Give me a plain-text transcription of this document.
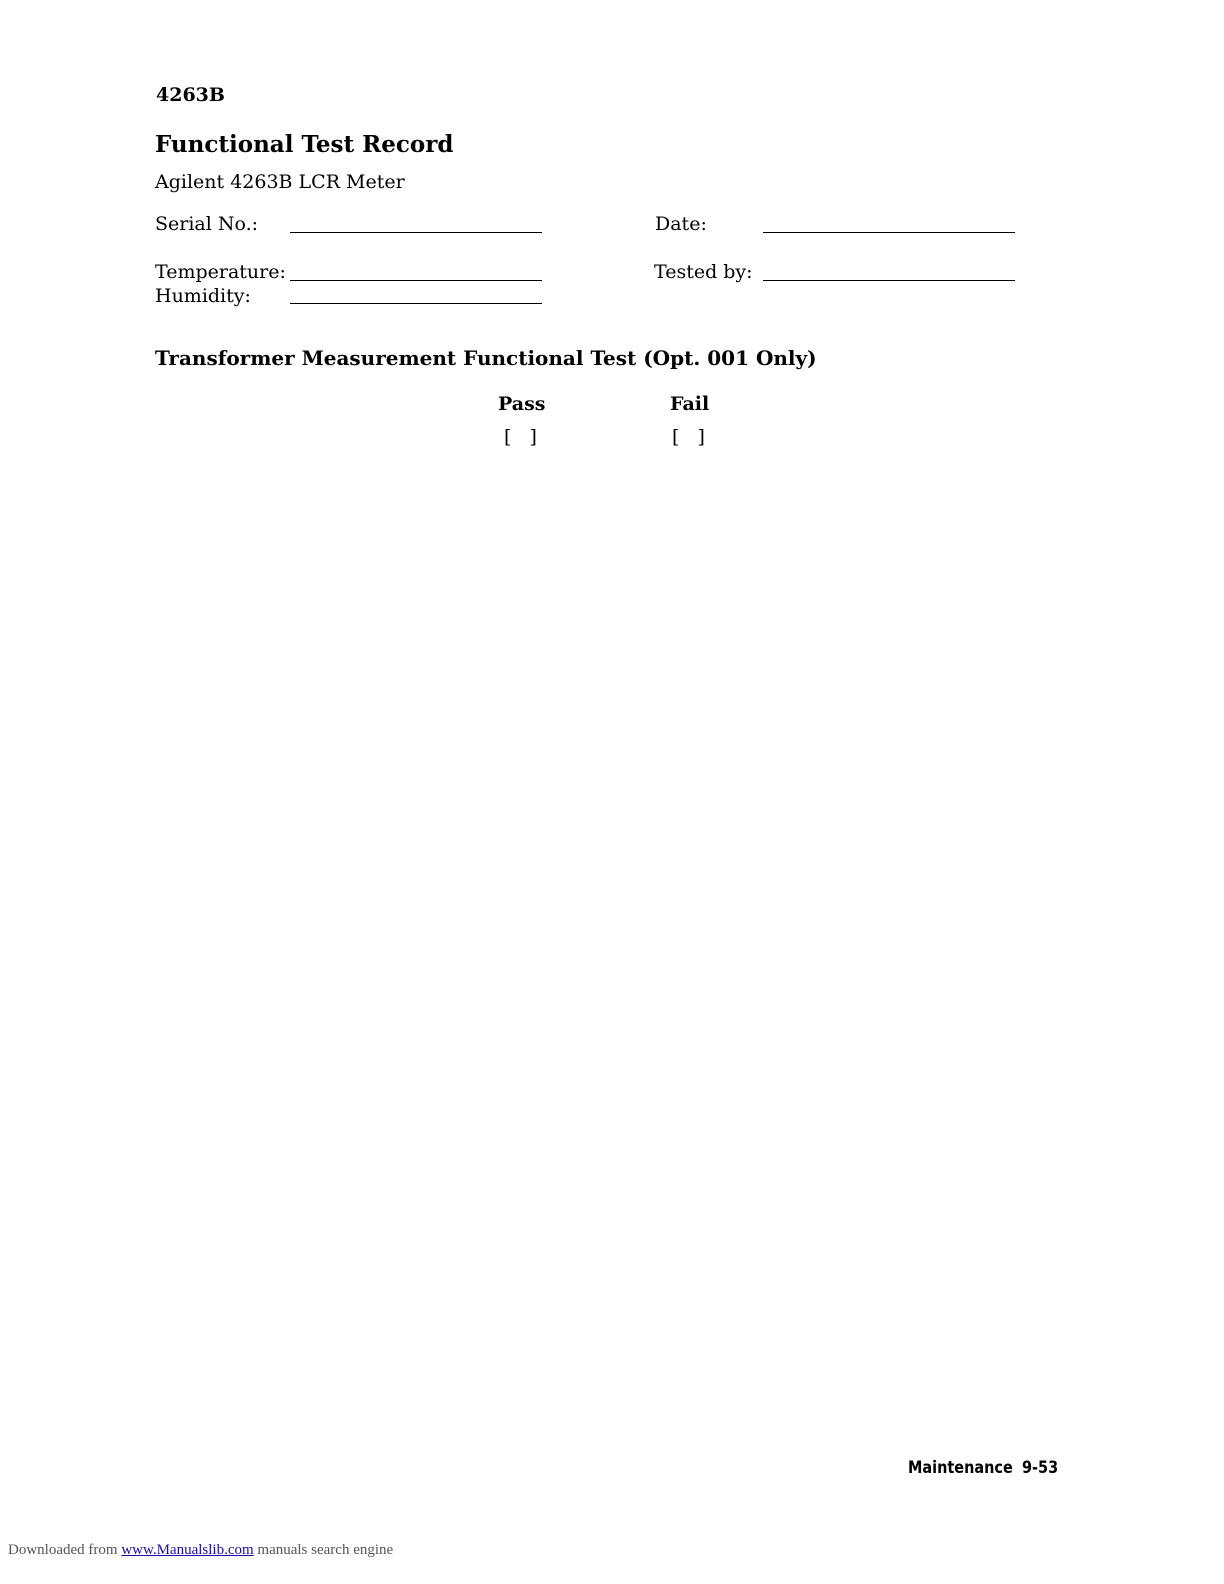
4263B
Functional Test Record
Agilent 4263B LCR Meter
Serial No.:	Date:
Temperature:	Tested by:
Humidity:
Transformer Measurement Functional Test (Opt. 001 Only)
Pass	Fail
[ ]	[ ]
Maintenance 9-53
Downloaded from www.Manualslib.com manuals search engine
